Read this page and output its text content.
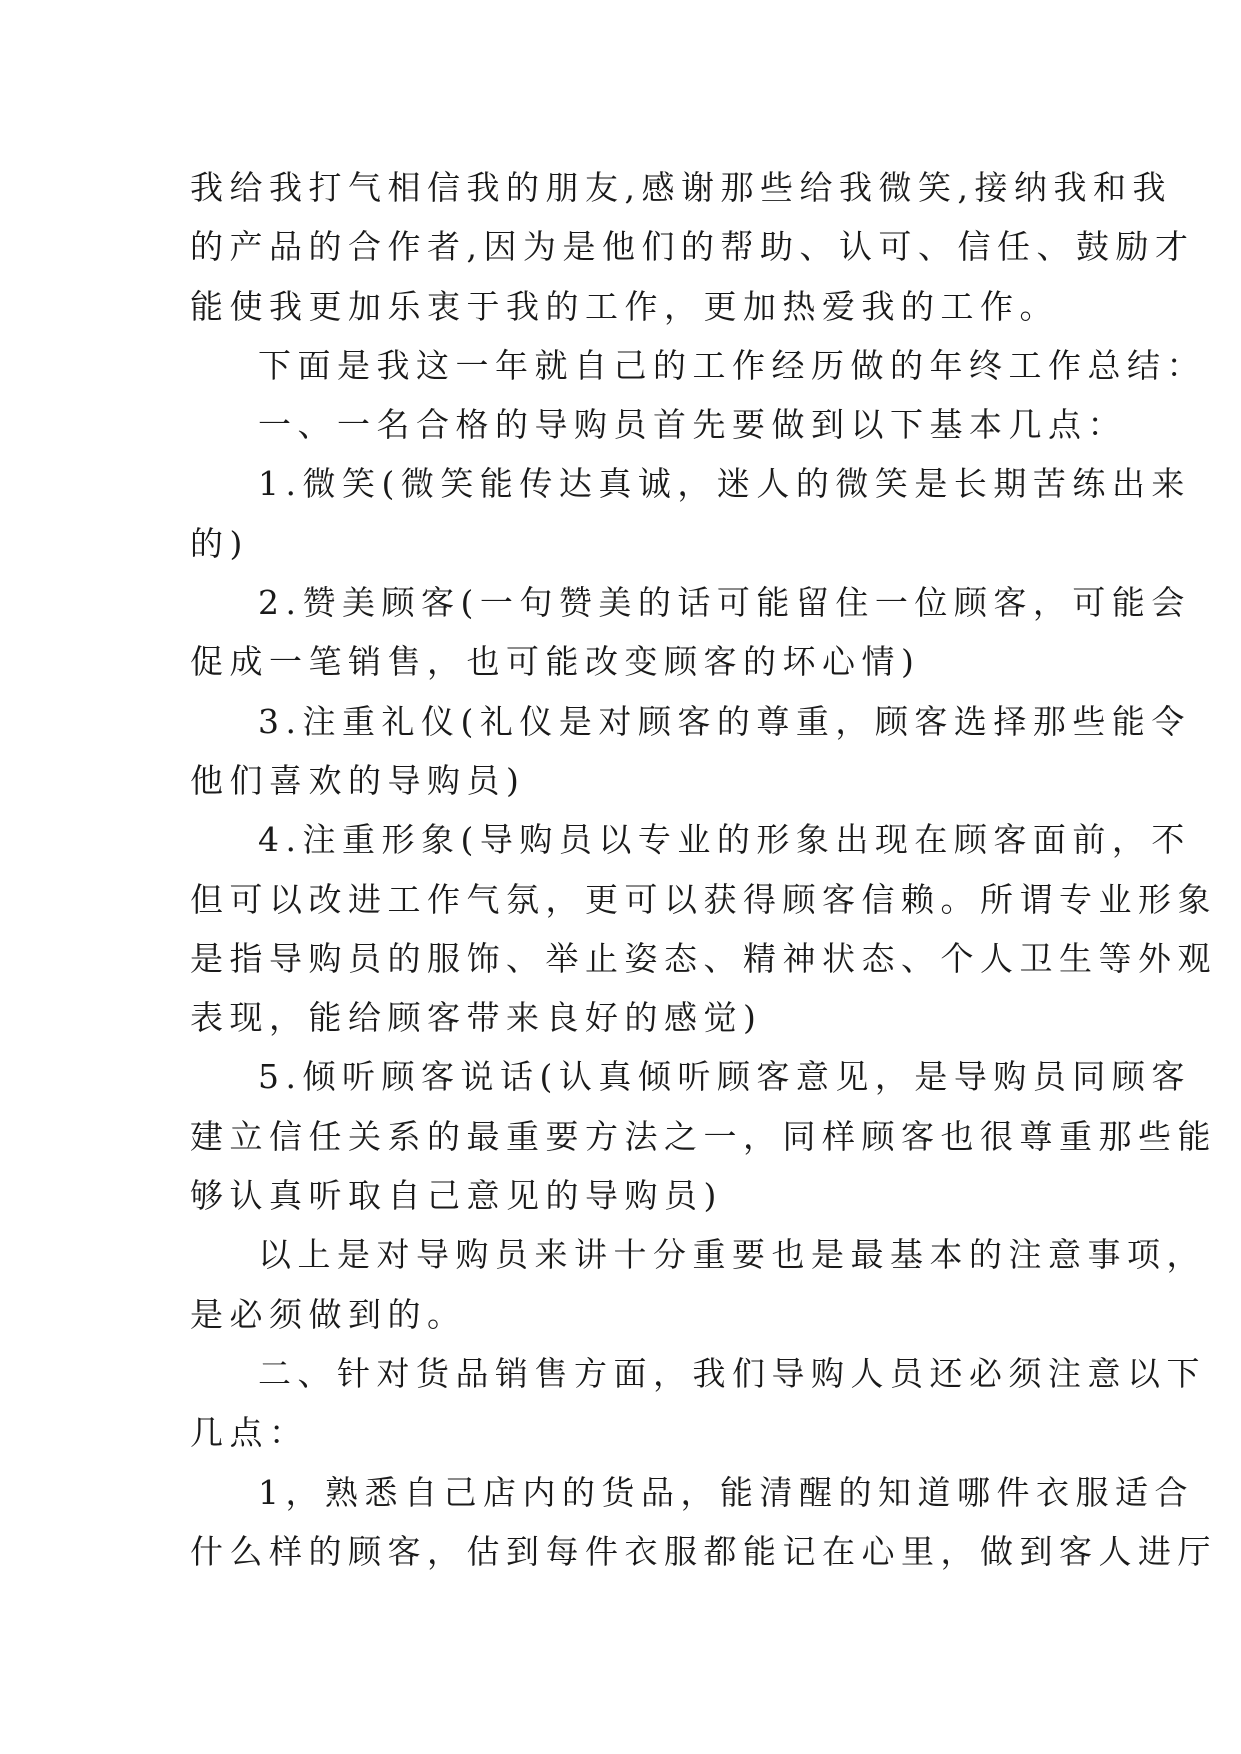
我给我打气相信我的朋友,感谢那些给我微笑,接纳我和我
的产品的合作者,因为是他们的帮助、认可、信任、鼓励才
能使我更加乐衷于我的工作，更加热爱我的工作。
下面是我这一年就自己的工作经历做的年终工作总结：
一、一名合格的导购员首先要做到以下基本几点：
1.微笑(微笑能传达真诚，迷人的微笑是长期苦练出来
的)
2.赞美顾客(一句赞美的话可能留住一位顾客，可能会
促成一笔销售，也可能改变顾客的坏心情)
3.注重礼仪(礼仪是对顾客的尊重，顾客选择那些能令
他们喜欢的导购员)
4.注重形象(导购员以专业的形象出现在顾客面前，不
但可以改进工作气氛，更可以获得顾客信赖。所谓专业形象
是指导购员的服饰、举止姿态、精神状态、个人卫生等外观
表现，能给顾客带来良好的感觉)
5.倾听顾客说话(认真倾听顾客意见，是导购员同顾客
建立信任关系的最重要方法之一，同样顾客也很尊重那些能
够认真听取自己意见的导购员)
以上是对导购员来讲十分重要也是最基本的注意事项，
是必须做到的。
二、针对货品销售方面，我们导购人员还必须注意以下
几点：
1，熟悉自己店内的货品，能清醒的知道哪件衣服适合
什么样的顾客，估到每件衣服都能记在心里，做到客人进厅
